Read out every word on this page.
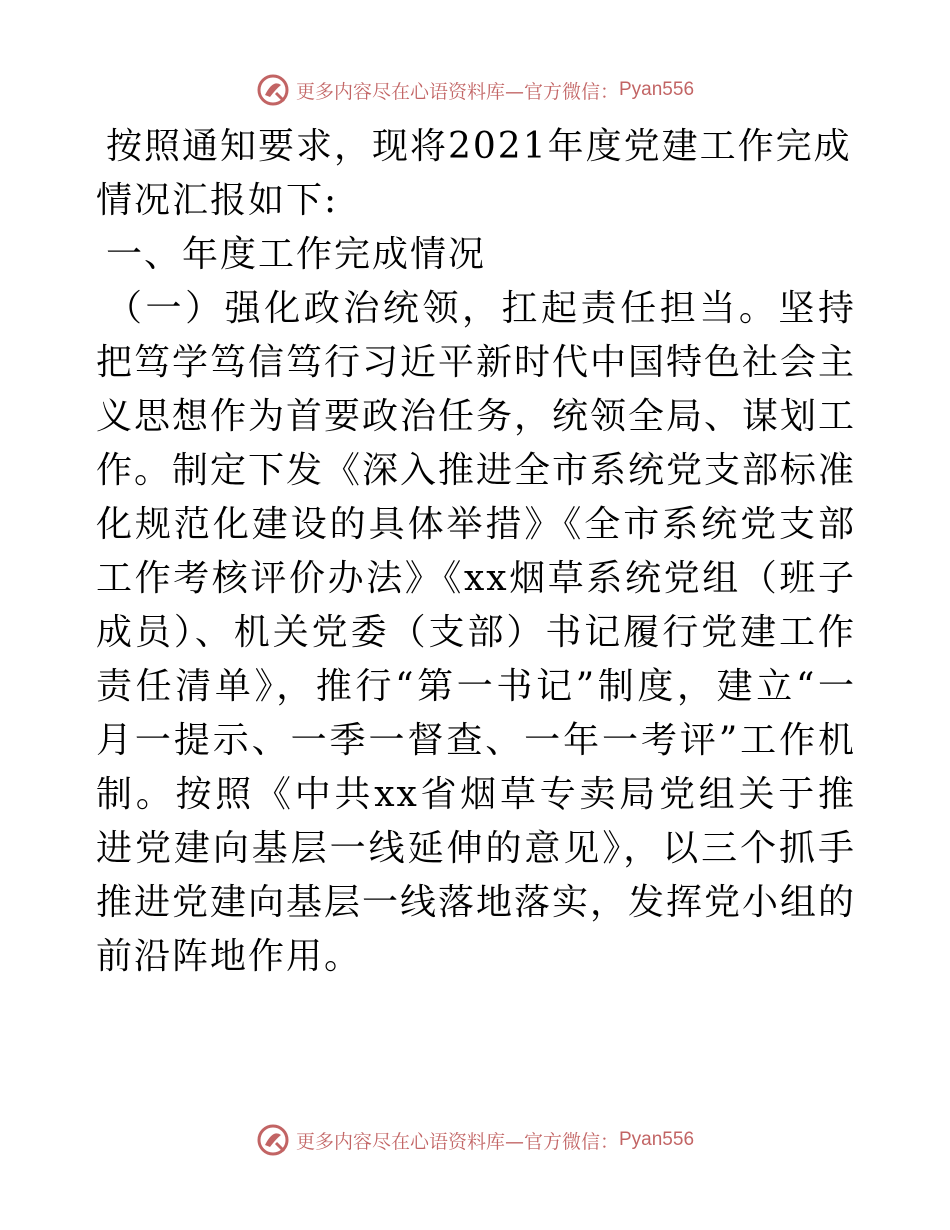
更多内容尽在心语资料库—官方微信： Pyan556

按照通知要求，现将2021年度党建工作完成情况汇报如下:

一、年度工作完成情况

（一）强化政治统领，扛起责任担当。坚持把笃学笃信笃行习近平新时代中国特色社会主义思想作为首要政治任务，统领全局、谋划工作。制定下发《深入推进全市系统党支部标准化规范化建设的具体举措》《全市系统党支部工作考核评价办法》《xx烟草系统党组（班子成员）、机关党委（支部）书记履行党建工作责任清单》，推行“第一书记”制度，建立“一月一提示、一季一督查、一年一考评”工作机制。按照《中共xx省烟草专卖局党组关于推进党建向基层一线延伸的意见》，以三个抓手推进党建向基层一线落地落实，发挥党小组的前沿阵地作用。

更多内容尽在心语资料库—官方微信： Pyan556
